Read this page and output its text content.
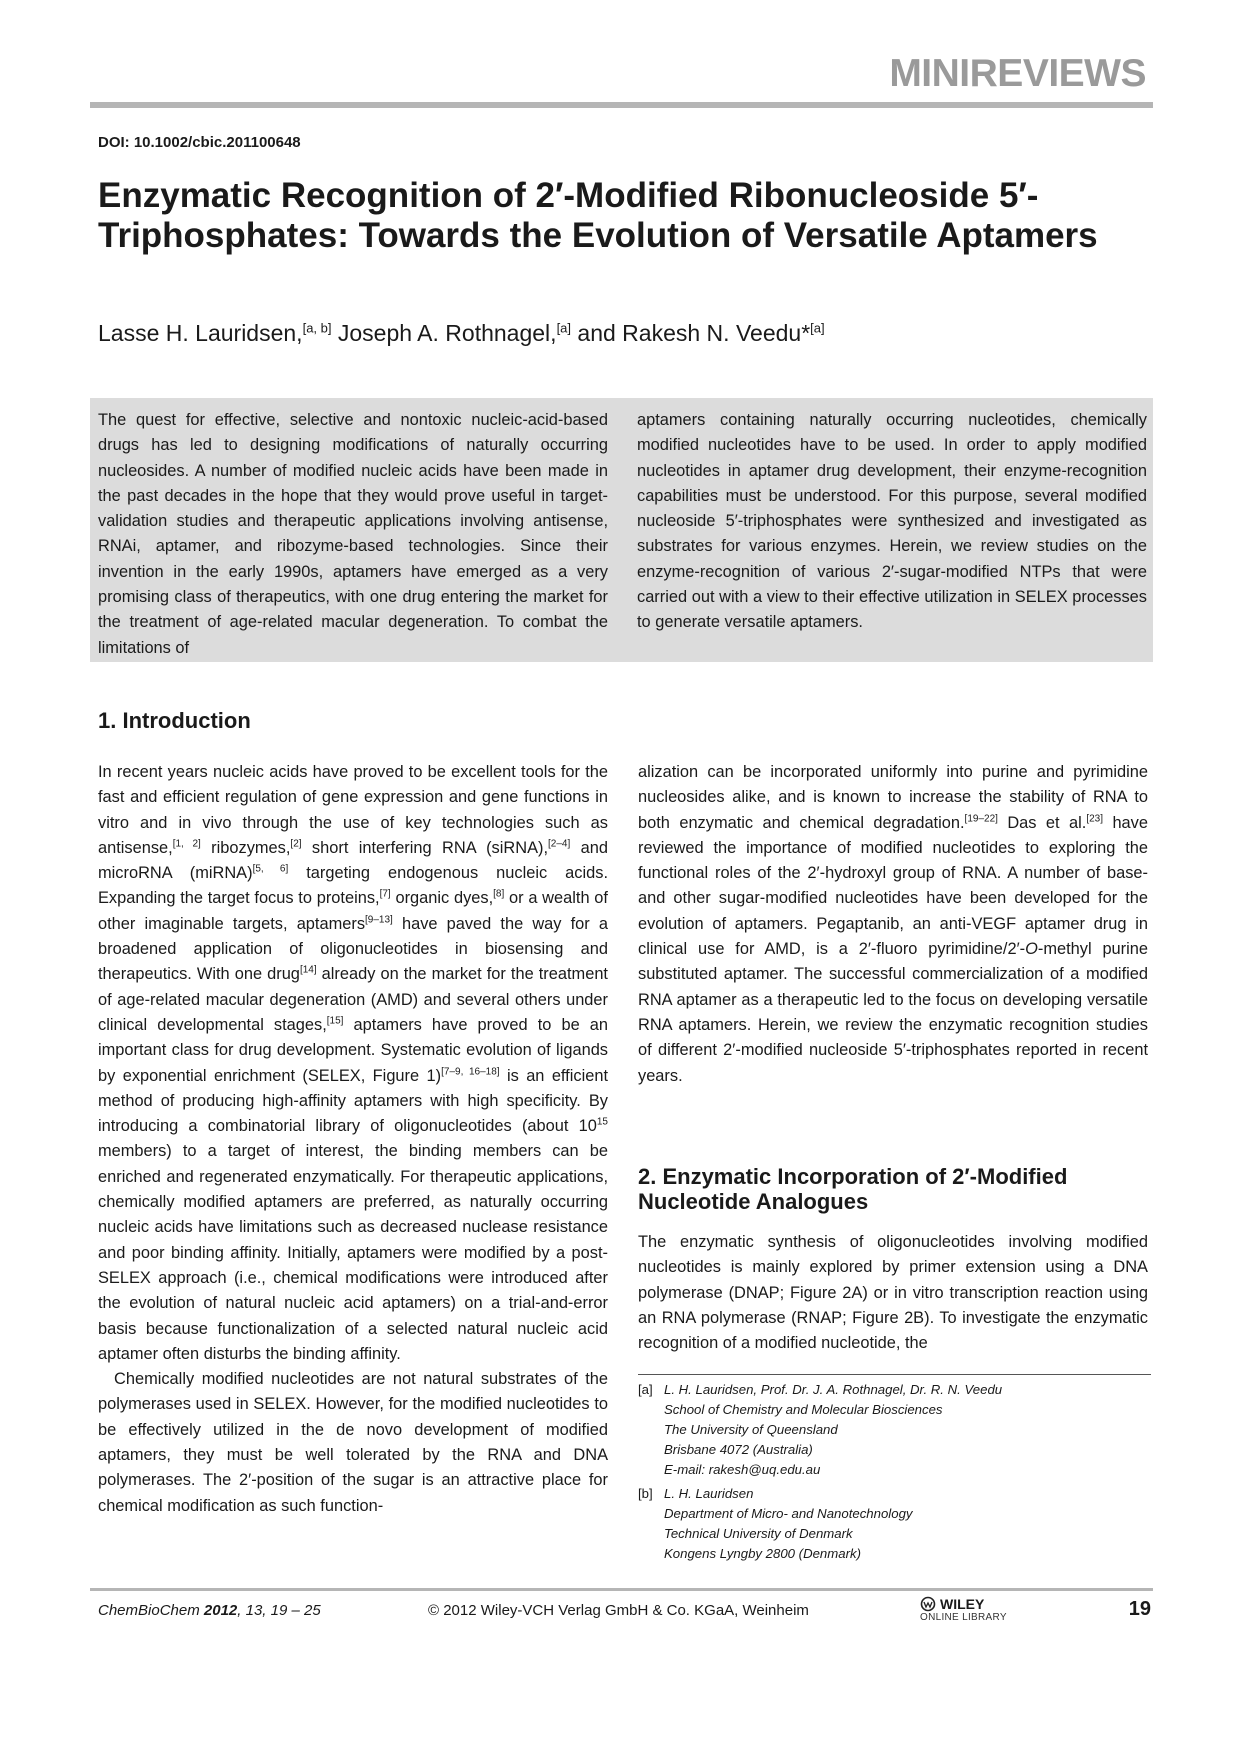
MINIREVIEWS

DOI: 10.1002/cbic.201100648

Enzymatic Recognition of 2′-Modified Ribonucleoside 5′-Triphosphates: Towards the Evolution of Versatile Aptamers

Lasse H. Lauridsen,[a, b] Joseph A. Rothnagel,[a] and Rakesh N. Veedu*[a]

The quest for effective, selective and nontoxic nucleic-acid-based drugs has led to designing modifications of naturally occurring nucleosides. A number of modified nucleic acids have been made in the past decades in the hope that they would prove useful in target-validation studies and therapeutic applications involving antisense, RNAi, aptamer, and ribozyme-based technologies. Since their invention in the early 1990s, aptamers have emerged as a very promising class of therapeutics, with one drug entering the market for the treatment of age-related macular degeneration. To combat the limitations of

aptamers containing naturally occurring nucleotides, chemically modified nucleotides have to be used. In order to apply modified nucleotides in aptamer drug development, their enzyme-recognition capabilities must be understood. For this purpose, several modified nucleoside 5′-triphosphates were synthesized and investigated as substrates for various enzymes. Herein, we review studies on the enzyme-recognition of various 2′-sugar-modified NTPs that were carried out with a view to their effective utilization in SELEX processes to generate versatile aptamers.

1. Introduction

In recent years nucleic acids have proved to be excellent tools for the fast and efficient regulation of gene expression and gene functions in vitro and in vivo through the use of key technologies such as antisense,[1, 2] ribozymes,[2] short interfering RNA (siRNA),[2–4] and microRNA (miRNA)[5, 6] targeting endogenous nucleic acids. Expanding the target focus to proteins,[7] organic dyes,[8] or a wealth of other imaginable targets, aptamers[9–13] have paved the way for a broadened application of oligonucleotides in biosensing and therapeutics. With one drug[14] already on the market for the treatment of age-related macular degeneration (AMD) and several others under clinical developmental stages,[15] aptamers have proved to be an important class for drug development. Systematic evolution of ligands by exponential enrichment (SELEX, Figure 1)[7–9, 16–18] is an efficient method of producing high-affinity aptamers with high specificity. By introducing a combinatorial library of oligonucleotides (about $10^{15}$ members) to a target of interest, the binding members can be enriched and regenerated enzymatically. For therapeutic applications, chemically modified aptamers are preferred, as naturally occurring nucleic acids have limitations such as decreased nuclease resistance and poor binding affinity. Initially, aptamers were modified by a post-SELEX approach (i.e., chemical modifications were introduced after the evolution of natural nucleic acid aptamers) on a trial-and-error basis because functionalization of a selected natural nucleic acid aptamer often disturbs the binding affinity.

Chemically modified nucleotides are not natural substrates of the polymerases used in SELEX. However, for the modified nucleotides to be effectively utilized in the de novo development of modified aptamers, they must be well tolerated by the RNA and DNA polymerases. The 2′-position of the sugar is an attractive place for chemical modification as such function-

alization can be incorporated uniformly into purine and pyrimidine nucleosides alike, and is known to increase the stability of RNA to both enzymatic and chemical degradation.[19–22] Das et al.[23] have reviewed the importance of modified nucleotides to exploring the functional roles of the 2′-hydroxyl group of RNA. A number of base- and other sugar-modified nucleotides have been developed for the evolution of aptamers. Pegaptanib, an anti-VEGF aptamer drug in clinical use for AMD, is a 2′-fluoro pyrimidine/2′-O-methyl purine substituted aptamer. The successful commercialization of a modified RNA aptamer as a therapeutic led to the focus on developing versatile RNA aptamers. Herein, we review the enzymatic recognition studies of different 2′-modified nucleoside 5′-triphosphates reported in recent years.

2. Enzymatic Incorporation of 2′-Modified Nucleotide Analogues

The enzymatic synthesis of oligonucleotides involving modified nucleotides is mainly explored by primer extension using a DNA polymerase (DNAP; Figure 2A) or in vitro transcription reaction using an RNA polymerase (RNAP; Figure 2B). To investigate the enzymatic recognition of a modified nucleotide, the

[a] L. H. Lauridsen, Prof. Dr. J. A. Rothnagel, Dr. R. N. Veedu
School of Chemistry and Molecular Biosciences
The University of Queensland
Brisbane 4072 (Australia)
E-mail: rakesh@uq.edu.au
[b] L. H. Lauridsen
Department of Micro- and Nanotechnology
Technical University of Denmark
Kongens Lyngby 2800 (Denmark)

ChemBioChem 2012, 13, 19 – 25	© 2012 Wiley-VCH Verlag GmbH & Co. KGaA, Weinheim	WILEY
ONLINE LIBRARY	19
